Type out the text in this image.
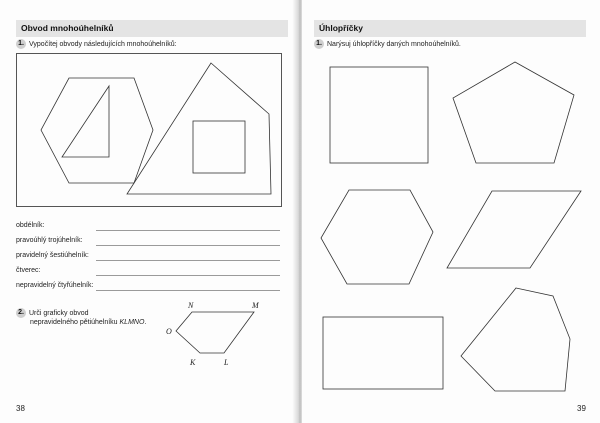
Obvod mnohoúhelníků
1. Vypočítej obvody následujících mnohoúhelníků:
obdélník:
pravoúhlý trojúhelník:
pravidelný šestiúhelník:
čtverec:
nepravidelný čtyřúhelník:
2. Urči graficky obvod
nepravidelného pětiúhelníku KLMNO.
N	M
O
K	L
38
Úhlopříčky
1. Narýsuj úhlopříčky daných mnohoúhelníků.
39
